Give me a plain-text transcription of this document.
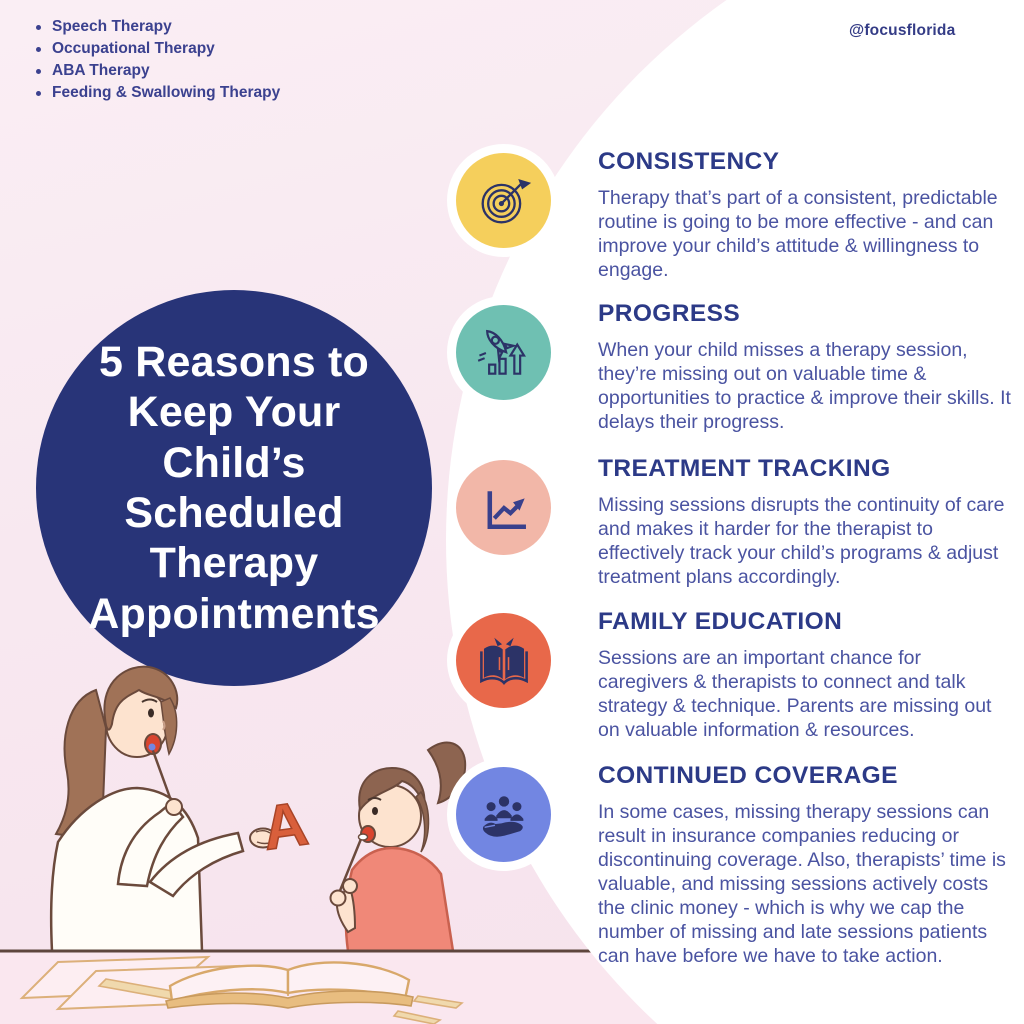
Speech Therapy
Occupational Therapy
ABA Therapy
Feeding & Swallowing Therapy
@focusflorida
5 Reasons to
Keep Your
Child’s
Scheduled
Therapy
Appointments
CONSISTENCY

Therapy that’s part of a consistent, predictable routine is going to be more effective - and can improve your child’s attitude & willingness to engage.

PROGRESS

When your child misses a therapy session, they’re missing out on valuable time & opportunities to practice & improve their skills. It delays their progress.

TREATMENT TRACKING

Missing sessions disrupts the continuity of care and makes it harder for the therapist to effectively track your child’s programs & adjust treatment plans accordingly.

FAMILY EDUCATION

Sessions are an important chance for caregivers & therapists to connect and talk strategy & technique. Parents are missing out on valuable information & resources.

CONTINUED COVERAGE

In some cases, missing therapy sessions can result in insurance companies reducing or discontinuing coverage. Also, therapists’ time is valuable, and missing sessions actively costs the clinic money - which is why we cap the number of missing and late sessions patients can have before we have to take action.

A
